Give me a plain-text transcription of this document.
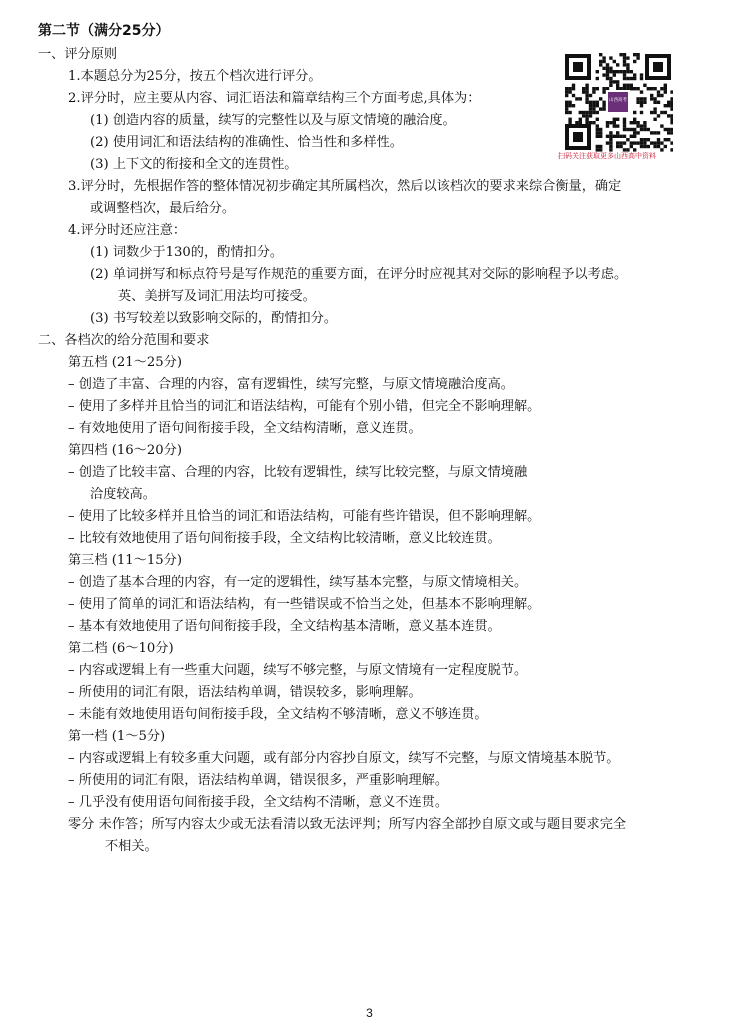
第二节（满分25分）
一、评分原则
1.本题总分为25分，按五个档次进行评分。
2.评分时，应主要从内容、词汇语法和篇章结构三个方面考虑,具体为：
(1) 创造内容的质量，续写的完整性以及与原文情境的融洽度。
(2) 使用词汇和语法结构的准确性、恰当性和多样性。
(3) 上下文的衔接和全文的连贯性。
3.评分时，先根据作答的整体情况初步确定其所属档次，然后以该档次的要求来综合衡量，确定
或调整档次，最后给分。
4.评分时还应注意：
(1) 词数少于130的，酌情扣分。
(2) 单词拼写和标点符号是写作规范的重要方面，在评分时应视其对交际的影响程予以考虑。
英、美拼写及词汇用法均可接受。
(3) 书写较差以致影响交际的，酌情扣分。
二、各档次的给分范围和要求
第五档 (21～25分)
– 创造了丰富、合理的内容，富有逻辑性，续写完整，与原文情境融洽度高。
– 使用了多样并且恰当的词汇和语法结构，可能有个别小错，但完全不影响理解。
– 有效地使用了语句间衔接手段，全文结构清晰，意义连贯。
第四档 (16～20分)
– 创造了比较丰富、合理的内容，比较有逻辑性，续写比较完整，与原文情境融
洽度较高。
– 使用了比较多样并且恰当的词汇和语法结构，可能有些许错误，但不影响理解。
– 比较有效地使用了语句间衔接手段，全文结构比较清晰，意义比较连贯。
第三档 (11～15分)
– 创造了基本合理的内容，有一定的逻辑性，续写基本完整，与原文情境相关。
– 使用了简单的词汇和语法结构，有一些错误或不恰当之处，但基本不影响理解。
– 基本有效地使用了语句间衔接手段，全文结构基本清晰，意义基本连贯。
第二档 (6～10分)
– 内容或逻辑上有一些重大问题，续写不够完整，与原文情境有一定程度脱节。
– 所使用的词汇有限，语法结构单调，错误较多，影响理解。
– 未能有效地使用语句间衔接手段，全文结构不够清晰，意义不够连贯。
第一档 (1～5分)
– 内容或逻辑上有较多重大问题，或有部分内容抄自原文，续写不完整，与原文情境基本脱节。
– 所使用的词汇有限，语法结构单调，错误很多，严重影响理解。
– 几乎没有使用语句间衔接手段，全文结构不清晰，意义不连贯。
零分 未作答；所写内容太少或无法看清以致无法评判；所写内容全部抄自原文或与题目要求完全
不相关。
山西高考
扫码关注获取更多山西高中资料
3
